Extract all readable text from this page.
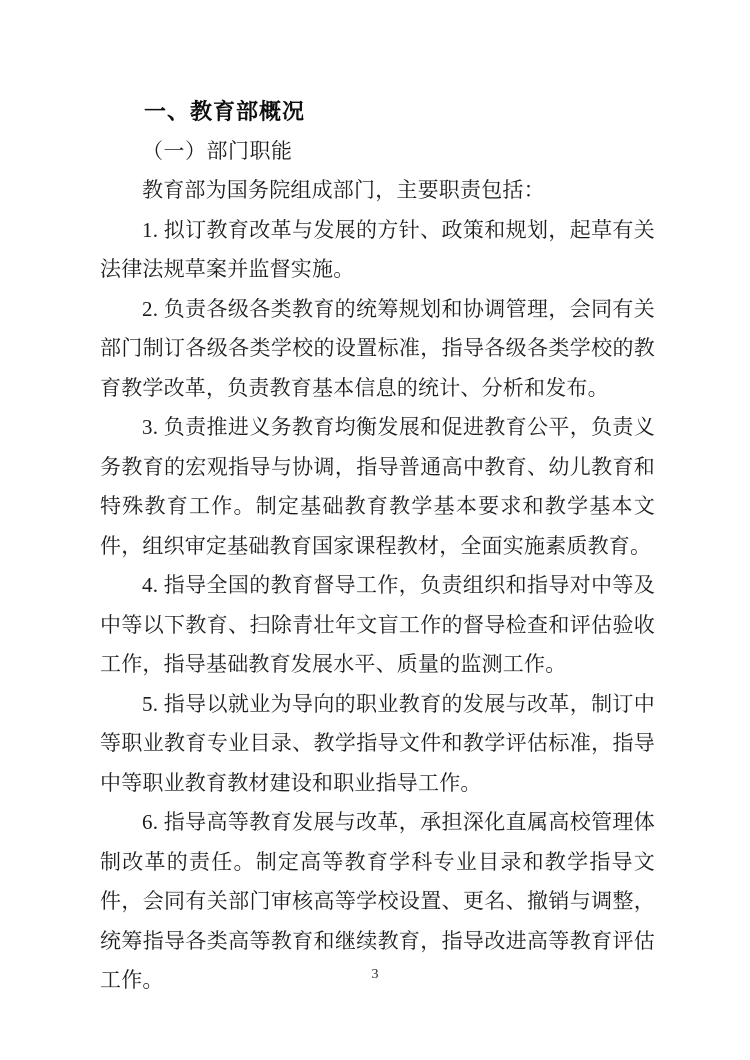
一、教育部概况
（一）部门职能

教育部为国务院组成部门，主要职责包括：

1. 拟订教育改革与发展的方针、政策和规划，起草有关法律法规草案并监督实施。

2. 负责各级各类教育的统筹规划和协调管理，会同有关部门制订各级各类学校的设置标准，指导各级各类学校的教育教学改革，负责教育基本信息的统计、分析和发布。

3. 负责推进义务教育均衡发展和促进教育公平，负责义务教育的宏观指导与协调，指导普通高中教育、幼儿教育和特殊教育工作。制定基础教育教学基本要求和教学基本文件，组织审定基础教育国家课程教材，全面实施素质教育。

4. 指导全国的教育督导工作，负责组织和指导对中等及中等以下教育、扫除青壮年文盲工作的督导检查和评估验收工作，指导基础教育发展水平、质量的监测工作。

5. 指导以就业为导向的职业教育的发展与改革，制订中等职业教育专业目录、教学指导文件和教学评估标准，指导中等职业教育教材建设和职业指导工作。

6. 指导高等教育发展与改革，承担深化直属高校管理体制改革的责任。制定高等教育学科专业目录和教学指导文件，会同有关部门审核高等学校设置、更名、撤销与调整，统筹指导各类高等教育和继续教育，指导改进高等教育评估工作。	3
